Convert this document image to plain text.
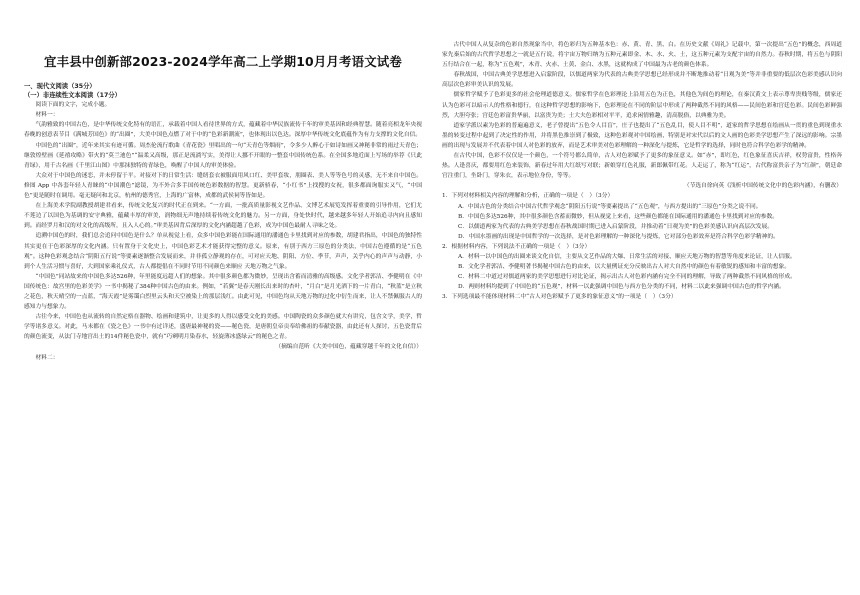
宜丰县中创新部2023-2024学年高二上学期10月月考语文试卷

一、现代文阅读（35分）

（一）非连续性文本阅读（17分）

阅读下面的文字，完成小题。

材料一：

气韵雅致的中国古色，是中华传统文化特有的语汇，承载着中国人看待世界的方式，蕴藏着中华民族流传千年的审美基因和经典智慧。随着亮相龙年央视春晚的创意表节目《满城芳国色》的“出圈”，大美中国色点燃了对于中的“色彩新潮流”，也体现出以色达。深厚中华传统文化底蕴作为有力支撑的文化自信。

中国色的“出圈”，近年来其实有迹可循。周杰伦流行歌曲《青花瓷》里唱出的一句“天青色等烟雨”，令多少人醉心于如诗如画又神秘非常的雨过天青色；继敦煌壁画《延禧攻略》带火的“莫兰迪色”“温柔又高级，那正是流淌写实，美得让人挪不开眼的一整套中国传统色系。在全国多地近面上写场的举荐《只此青绿》，用千古名画《千里江山图》中那抹独特的青绿色，唤醒了中国人的审美体验。

大众对于中国色的迷恋，并未停留于平。对接对下的日常生活：缝纫套衣被服面用风口红、美甲套妆，朋圈表、美人等等色号的灵感，无不来自中国色。修图 App 中各套年轻人青睐的“中国潮色”滤镜，为不外合多手国传统色彩数据的智慧。更新骄春，“小红书”上找搜的女祝，很多都面询服实又气，“中国色”更是随时在调用。毫无疑问和北京，杭州的德秀官，上海的广富林，成都的武侯祠等皆如是。

在上海美术学院副教授胡建君看来，传统文化复兴的时代正在到来。“一方面，一批高质量影视文艺作品、文博艺术展览发挥着重要的引导作用，它们尤不莲边了以国色为基调的安守典雅，蕴藏丰厚的审美，润物细无声地持续着传统文化的魅力。另一方面，身处快时代，越来越多年轻人开始追寻内向且感知到。而经罗月和汉的对文化的高级所，且入人心的。”审美基因背后深厚的文化内涵超越了色彩，成为中国色最耐人寻味之处。

追溯中国色的时，我们总会追问中国色是什么？单从视觉上看，众多中国色彩能在国际通用的潘通色卡里找到对应的参数，胡建君指出，中国色的独特性其实更在于色彩深厚的文化内涵。只有置身于文化史上，中国色彩艺术才能获得完整的意义。原来，有别于西方三原色的分类法，中国古色遵循的是“五色观”。这种色彩观念结合“阴阳五行说”等要素逐渐整合发展而来，并非孤立静观的存在，可对应天地、阴阳、方位、季节，声声，关乎内心的声声与动静，小到个人生活习惯与喜好，大到国家乘礼仪式，古人都提倡在不同时节用不同颜色来顺应 天地万物之气象。

“中国色”同站故来的中国色多达526种，年里能度远超人们的想象。其中很多颜色都为微妙，呈现出含蓄而清雅的高级感。文化学者郭洁、李健明在《中国传统色：故宫里的色彩美学》一书中揭秘了384种中国古色的由来。例如，“若翼”是春天刚长出来时的杏叶，“月白”是月光洒下的一片青白，“秋蓝”是立秋之花色，秋天晴空的一点蓝，“海天霞”是雾霭白烈里云头和天空被染上的那层浅红。由此可见，中国色均从天地万物的过化中衍生而来，让人不禁佩服古人的感知力与想象力。

古往今来，中国色也从流转的自然定格在器物、绘画和建筑中，让更多的人得以感受文化的美感。中国陶瓷的众多颜色就大有讲究，包含文学，美学，哲学等诸多意义。对此，马未都在《瓷之色》一书中有过详述，盛唐最神秘的瓷——秘色瓷，是唐朝皇帝贡奉给佛祖的奉献瓷器，由此还有人探讨，五色瓷背后的颜色流变，从法门寺地宫出土的14件秘色瓷中，就有“巧剜明月染春水，轻旋薄冰盛绿云”的秘色之青。

（摘编自范昕《大美中国色，蕴藏穿越千年的文化自信》）

材料二：

古代中国人从复杂的色彩自然现象当中，将色彩归为五种基本色：赤、黄、青、黑、白。在历史文献《周礼》记载中，第一次提出“五色”的概念，西周道家先秦后始的古代哲学思想之一就是五行说，将宇宙万物归纳为五种元素即金、木、水、火、土，这五种元素为支配宇宙的自然力。春秋时期，将五色与阴阳五行结合在一起，称为“五色观”，木青、火赤、土黄、金白、水黑，这就构成了中国最为古老的颜色体系。

春秋战国，中国古典美学思想进入启蒙阶段，以儒道两家为代表的古典美学思想已经形成并不断地推动着“日观为美”等并非重要的低层次色彩美感认识向高层次色彩审美认识的发展。

儒家哲学赋予了色彩更多的社会伦理道德意义。儒家哲学在色彩理论上沿用五色为正色，其他色为间色的理论，在秦汉黄文上表示尊卑贵贱等级，儒家还认为色彩可以暗示人的性格和德行，在这种哲学思想的影响下，色彩理论在不同的阶层中形成了两种截然不同的风格——民间色彩和官廷色彩。民间色彩鲜强烈，大胆夸张；宫廷色彩富贵华丽，以富贵为美；士大夫色彩相对平平，追求闲情雅趣，清高脱俗，以典雅为美。

道家学派以素为色彩的普遍遍意义，老子曾提出“五色令人目盲”，庄子也提出了“五色乱目，使人目不明”，道家的哲学思想在绘画从一贯的重色到现重水墨的转变过程中起到了决定性的作用，并将黑色推崇到了极致，这种色彩观对中国绘画，特别是对宋代以后的文人画的色彩美学思想产生了深远的影响。宗墨画的出现与发展并不代表着中国人对色彩的放弃，而是艺术审美对色彩理解的一种深化与提炼，它是哲学的选择，同时也符合科学色彩学的精神。

在古代中国，色彩不仅仅是一个颜色，一个符号都么简单，古人对色彩赋予了更多的象征意义。如“赤”，即红色，红色象征喜庆吉祥，权势富贵，性格奔热。人逢喜庆，都要用红色来装饰，新春过年用大红纸写对联；新娘穿红色礼服，新郎佩带红花。人走运了，称为“红运”，古代称富贵亲子为“红颜”，朝廷命官注重门，坐卧门，穿朱衣，表示地位身份，等等。

（节选自徐向英《浅析中国传统文化中的色彩内涵》，有删改）

1．下列对材料相关内容的理解和分析，正确的一项是（　）（3分）

A．中国古色的分类结合中国古代哲学观念“阴阳五行说”等要素提出了“五色观”，与西方提出的“三原色”分类之说不同。

B．中国色多达526种，其中很多颜色含蓄而微妙，但从视觉上来看，这些颜色都能在国际通用的潘通色卡里找到对应的参数。

C．以儒道两家为代表的古典美学思想在春秋战国时期已进入启蒙阶段，并推动着“日观为美”的色彩美感认识向高层次发展。

D．中国水墨画的出现是中国哲学的一次选择，是对色彩理解的一种深化与提炼，它对部分色彩效弃是符合科学色彩学精神的。

2．根据材料内容，下列说法不正确的一项是（　）（3分）

A．材料一以中国色的出圈来谈文化自信，主要从文艺作品的大爆、日常生活的对接、顺应天地万物的智慧等角度来论证，让人信服。

B．文化学者郭洁、李健明著书揭秘中国古色的由来，以大量例证充分反映出古人对大自然中的颜色有着敏锐的感知和丰富的想象。

C．材料二中道过对儒道两家的美学思想进行对比论证，揭示出古人对色彩内涵有完全不同的理解，导致了两种截然不同风格的形成。

D．两则材料均提到了中国色的“五色观”，材料一以此强调中国色与西方色分类的不同，材料二以此来强调中国古色的哲学内涵。

3．下列选项最不能体现材料二中“古人对色彩赋予了更多的象征意义”的一项是（　）（3分）
